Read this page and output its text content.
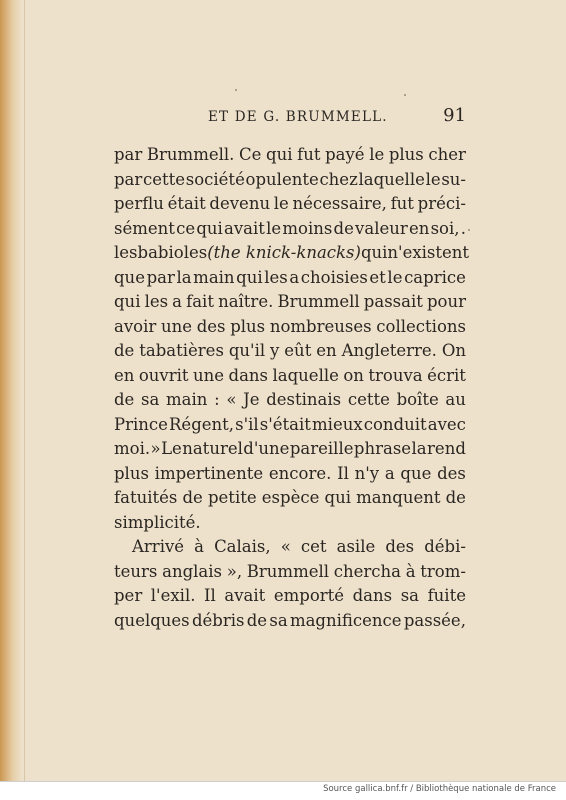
ET DE G. BRUMMELL.	91
par Brummell. Ce qui fut payé le plus cher
par cette société opulente chez laquelle le su-
perflu était devenu le nécessaire, fut préci-
sément ce qui avait le moins de valeur en soi, .
les babioles (the knick-knacks) qui n'existent
que par la main qui les a choisies et le caprice
qui les a fait naître. Brummell passait pour
avoir une des plus nombreuses collections
de tabatières qu'il y eût en Angleterre. On
en ouvrit une dans laquelle on trouva écrit
de sa main : « Je destinais cette boîte au
Prince Régent, s'il s'était mieux conduit avec
moi. » Le naturel d'une pareille phrase la rend
plus impertinente encore. Il n'y a que des
fatuités de petite espèce qui manquent de
simplicité.
Arrivé à Calais, « cet asile des débi-
teurs anglais », Brummell chercha à trom-
per l'exil. Il avait emporté dans sa fuite
quelques débris de sa magnificence passée,
Source gallica.bnf.fr / Bibliothèque nationale de France
